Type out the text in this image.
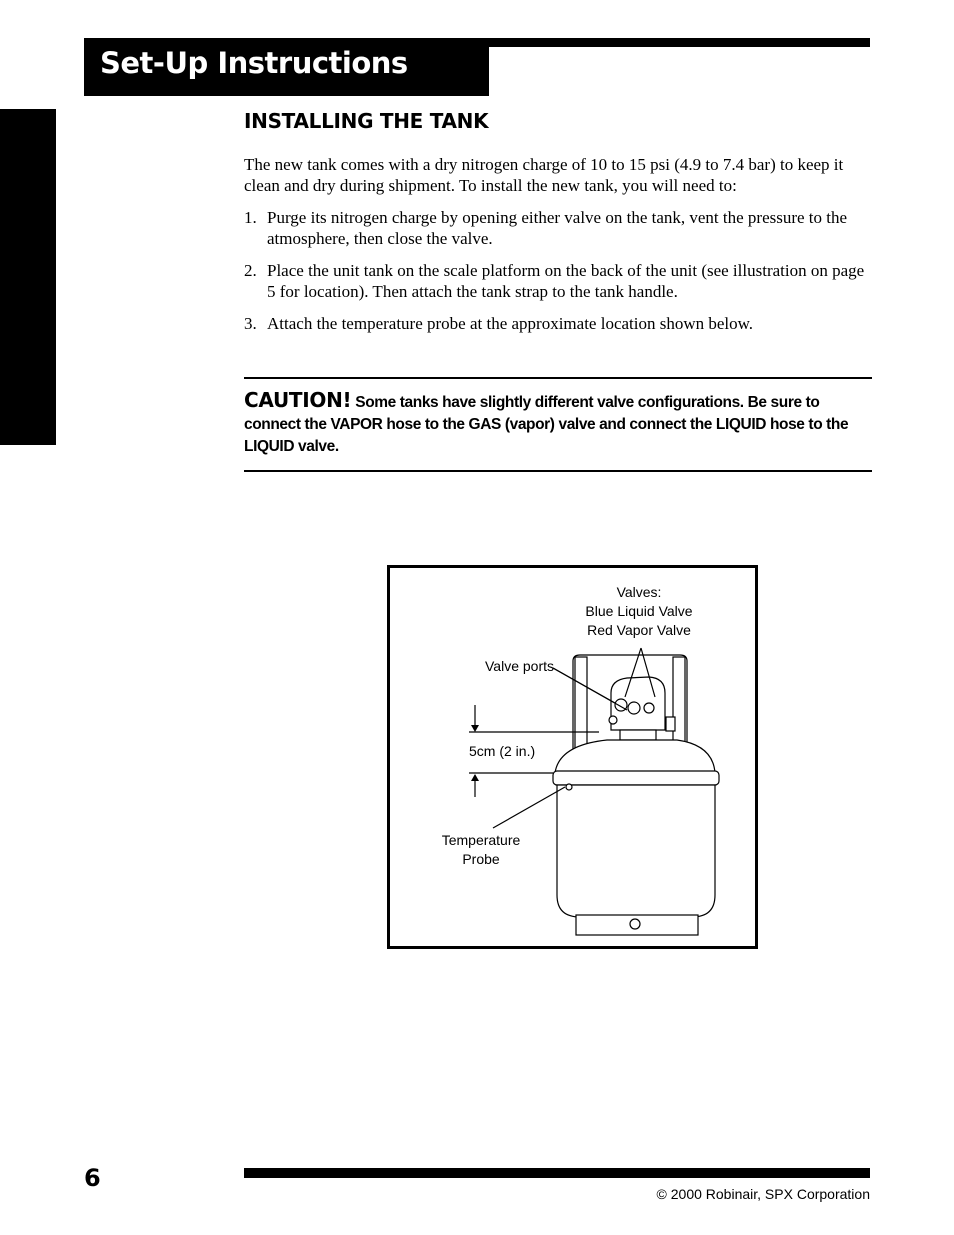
Set-Up Instructions
INSTALLING THE TANK
The new tank comes with a dry nitrogen charge of 10 to 15 psi (4.9 to 7.4 bar) to keep it clean and dry during shipment. To install the new tank, you will need to:
1. Purge its nitrogen charge by opening either valve on the tank, vent the pressure to the atmosphere, then close the valve.
2. Place the unit tank on the scale platform on the back of the unit (see illustration on page 5 for location). Then attach the tank strap to the tank handle.
3. Attach the temperature probe at the approximate location shown below.
CAUTION! Some tanks have slightly different valve configurations. Be sure to connect the VAPOR hose to the GAS (vapor) valve and connect the LIQUID hose to the LIQUID valve.
Valves:
Blue Liquid Valve
Red Vapor Valve
Valve ports
5cm (2 in.)
Temperature
Probe
6
© 2000 Robinair, SPX Corporation
